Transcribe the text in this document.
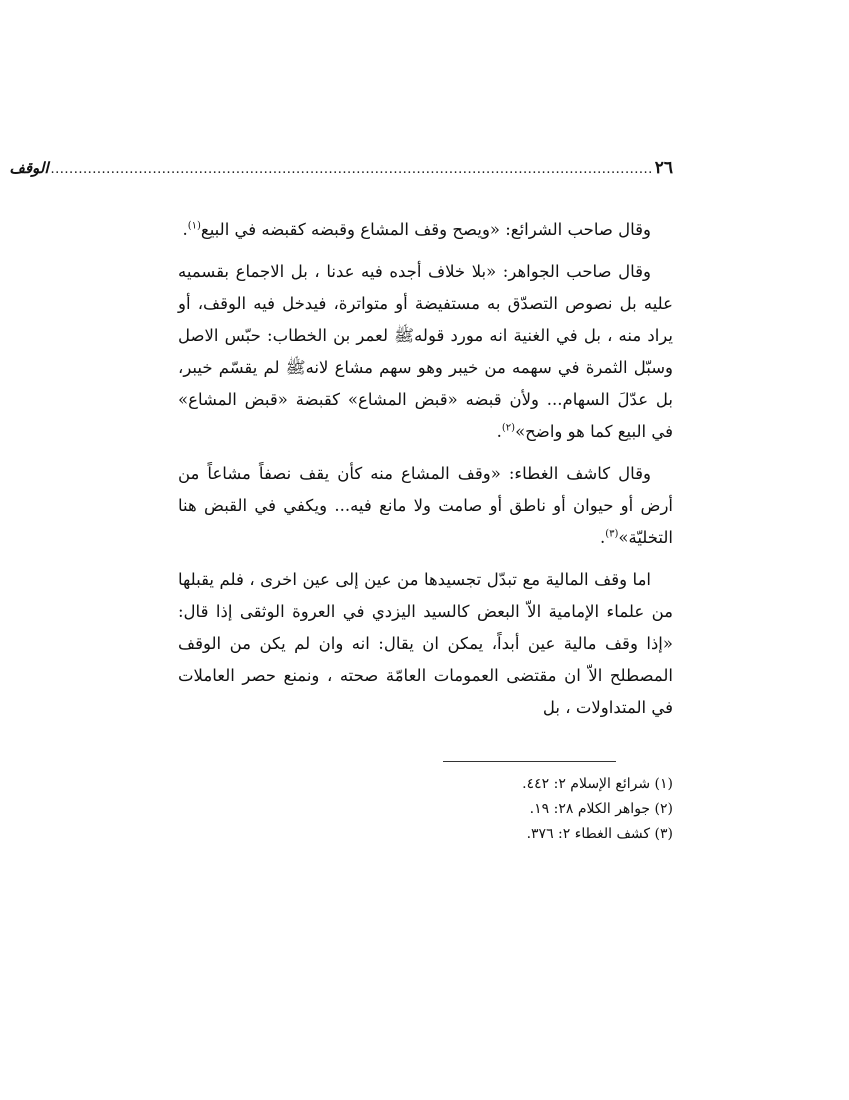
٢٦
..................................................................................................................................
الوقف

وقال صاحب الشرائع: «ويصح وقف المشاع وقبضه كقبضه في البيع$^{(١)}$.

وقال صاحب الجواهر: «بلا خلاف أجده فيه عدنا ، بل الاجماع بقسميه عليه بل نصوص التصدّق به مستفيضة أو متواترة، فيدخل فيه الوقف، أو يراد منه ، بل في الغنية انه مورد قولهﷺ لعمر بن الخطاب: حبّس الاصل وسبّل الثمرة في سهمه من خيبر وهو سهم مشاع لانهﷺ لم يقسّم خيبر، بل عدّلَ السهام... ولأن قبضه «قبض المشاع» كقبضة «قبض المشاع» في البيع كما هو واضح»$^{(٢)}$.

وقال كاشف الغطاء: «وقف المشاع منه كأن يقف نصفاً مشاعاً من أرض أو حيوان أو ناطق أو صامت ولا مانع فيه... ويكفي في القبض هنا التخليّة»$^{(٣)}$.

اما وقف المالية مع تبدّل تجسيدها من عين إلى عين اخرى ، فلم يقبلها من علماء الإمامية الاّ البعض كالسيد اليزدي في العروة الوثقى إذا قال: «إذا وقف مالية عين أبداً، يمكن ان يقال: انه وان لم يكن من الوقف المصطلح الاّ ان مقتضى العمومات العامّة صحته ، ونمنع حصر العاملات في المتداولات ، بل

(١) شرائع الإسلام ٢: ٤٤٢.
(٢) جواهر الكلام ٢٨: ١٩.
(٣) كشف الغطاء ٢: ٣٧٦.
